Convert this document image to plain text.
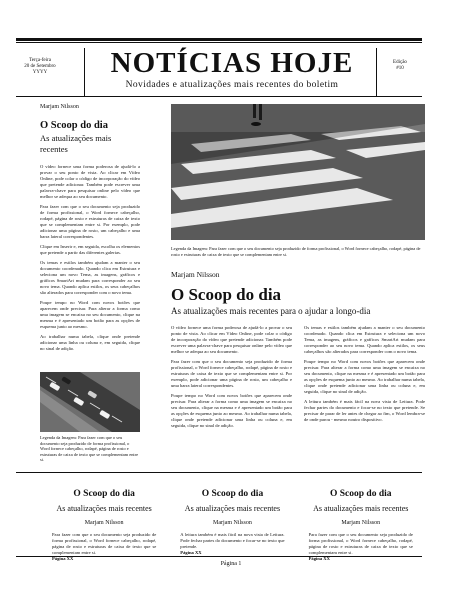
Terça-feira
20 de Setembro
YYYY	NOTÍCIAS HOJE
Novidades e atualizações mais recentes do boletim
Edição
#10
Marjam Nilsson
O Scoop do dia
As atualizações mais recentes

O vídeo fornece uma forma poderosa de ajudá-lo a provar o seu ponto de vista. Ao clicar em Vídeo Online, pode colar o código de incorporação do vídeo que pretende adicionar. Também pode escrever uma palavra-chave para pesquisar online pelo vídeo que melhor se adequa ao seu documento.

Para fazer com que o seu documento seja produzido de forma profissional, o Word fornece cabeçalho, rodapé, página de rosto e estruturas de caixa de texto que se complementam entre si. Por exemplo, pode adicionar uma página de rosto, um cabeçalho e uma barra lateral correspondentes.

Clique em Inserir e, em seguida, escolha os elementos que pretende a partir das diferentes galerias.

Os temas e estilos também ajudam a manter o seu documento coordenado. Quando clica em Estrutura e seleciona um novo Tema, as imagens, gráficos e gráficos SmartArt mudam para corresponder ao seu novo tema. Quando aplica estilos, os seus cabeçalhos são alterados para corresponder com o novo tema.

Poupe tempo no Word com novos botões que aparecem onde precisar. Para alterar a forma como uma imagem se encaixa no seu documento, clique na mesma e é apresentado um botão para as opções de esquema junto ao mesmo.

Ao trabalhar numa tabela, clique onde pretende adicionar uma linha ou coluna e, em seguida, clique no sinal de adição.

Legenda da Imagem: Para fazer com que o seu documento seja produzido de forma profissional, o Word fornece cabeçalho, rodapé, página de rosto e estruturas de caixa de texto que se complementam entre si.
Legenda da Imagem: Para fazer com que o seu documento seja produzido de forma profissional, o Word fornece cabeçalho, rodapé, página de rosto e estruturas de caixa de texto que se complementam entre si.
Marjam Nilsson
O Scoop do dia
As atualizações mais recentes para o ajudar a longo-dia

O vídeo fornece uma forma poderosa de ajudá-lo a provar o seu ponto de vista. Ao clicar em Vídeo Online, pode colar o código de incorporação do vídeo que pretende adicionar. Também pode escrever uma palavra-chave para pesquisar online pelo vídeo que melhor se adequa ao seu documento.

Para fazer com que o seu documento seja produzido de forma profissional, o Word fornece cabeçalho, rodapé, página de rosto e estruturas de caixa de texto que se complementam entre si. Por exemplo, pode adicionar uma página de rosto, um cabeçalho e uma barra lateral correspondentes.

Poupe tempo no Word com novos botões que aparecem onde precisar. Para alterar a forma como uma imagem se encaixa no seu documento, clique na mesma e é apresentado um botão para as opções de esquema junto ao mesmo. Ao trabalhar numa tabela, clique onde pretende adicionar uma linha ou coluna e, em seguida, clique no sinal de adição.

Os temas e estilos também ajudam a manter o seu documento coordenado. Quando clica em Estrutura e seleciona um novo Tema, as imagens, gráficos e gráficos SmartArt mudam para corresponder ao seu novo tema. Quando aplica estilos, os seus cabeçalhos são alterados para corresponder com o novo tema.

Poupe tempo no Word com novos botões que aparecem onde precisar. Para alterar a forma como uma imagem se encaixa no seu documento, clique na mesma e é apresentado um botão para as opções de esquema junto ao mesmo. Ao trabalhar numa tabela, clique onde pretende adicionar uma linha ou coluna e, em seguida, clique no sinal de adição.

A leitura também é mais fácil na nova vista de Leitura. Pode fechar partes do documento e focar-se no texto que pretende. Se precisar de parar de ler antes de chegar ao fim, o Word lembra-se de onde parou - mesmo noutro dispositivo.

O Scoop do dia
As atualizações mais recentes
Marjam Nilsson
Para fazer com que o seu documento seja produzido de forma profissional, o Word fornece cabeçalho, rodapé, página de rosto e estruturas de caixa de texto que se complementam entre si.
Página XX
O Scoop do dia
As atualizações mais recentes
Marjam Nilsson
A leitura também é mais fácil na nova vista de Leitura. Pode fechar partes do documento e focar-se no texto que pretende.
Página XX
O Scoop do dia
As atualizações mais recentes
Marjam Nilsson
Para fazer com que o seu documento seja produzido de forma profissional, o Word fornece cabeçalho, rodapé, página de rosto e estruturas de caixa de texto que se complementam entre si.
Página XX
Página 1
